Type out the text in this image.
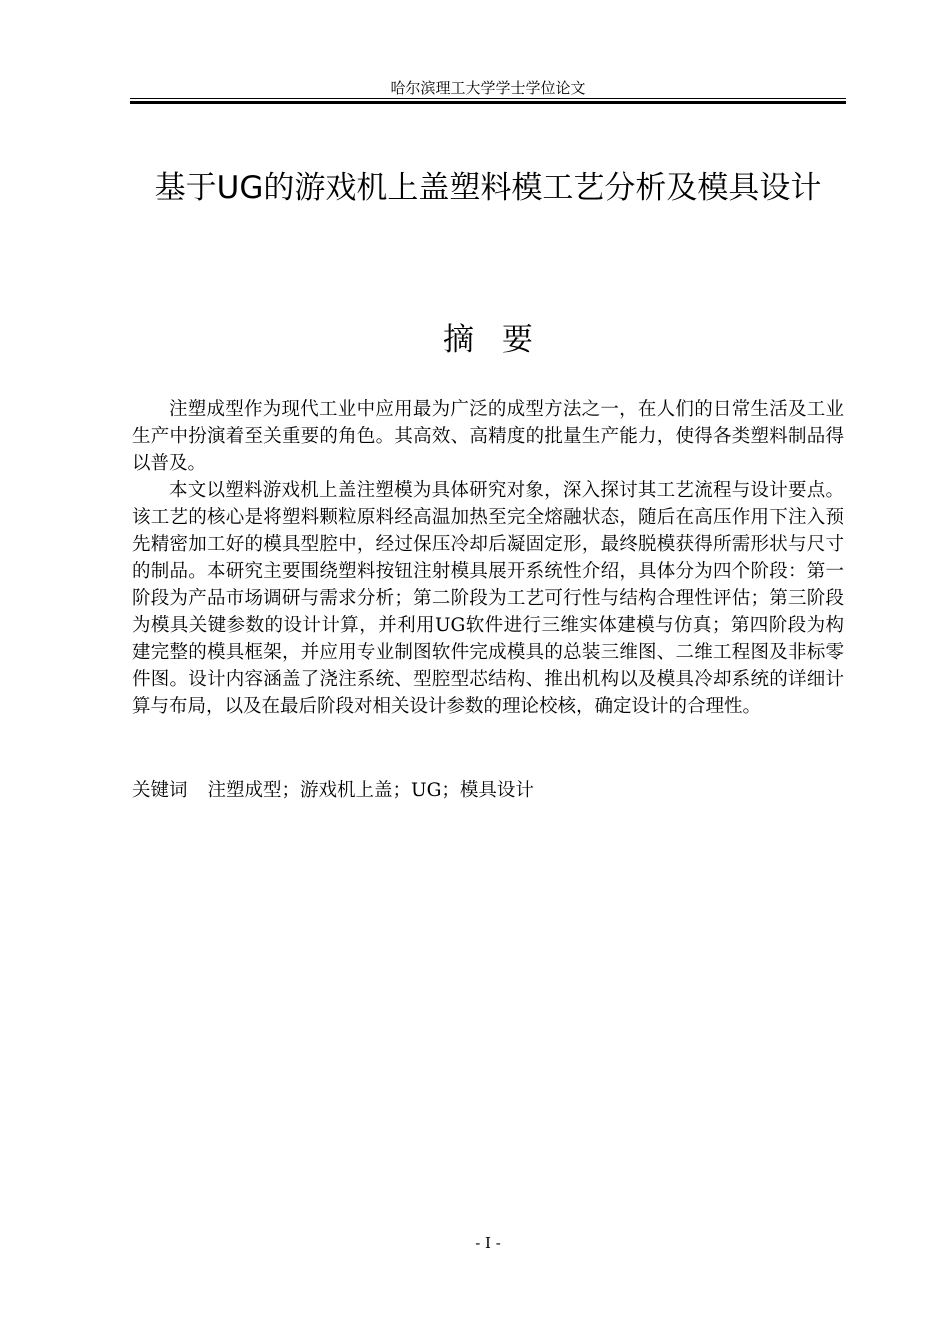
哈尔滨理工大学学士学位论文
基于UG的游戏机上盖塑料模工艺分析及模具设计
摘要

注塑成型作为现代工业中应用最为广泛的成型方法之一，在人们的日常生活及工业生产中扮演着至关重要的角色。其高效、高精度的批量生产能力，使得各类塑料制品得以普及。

本文以塑料游戏机上盖注塑模为具体研究对象，深入探讨其工艺流程与设计要点。该工艺的核心是将塑料颗粒原料经高温加热至完全熔融状态，随后在高压作用下注入预先精密加工好的模具型腔中，经过保压冷却后凝固定形，最终脱模获得所需形状与尺寸的制品。本研究主要围绕塑料按钮注射模具展开系统性介绍，具体分为四个阶段：第一阶段为产品市场调研与需求分析；第二阶段为工艺可行性与结构合理性评估；第三阶段为模具关键参数的设计计算，并利用UG软件进行三维实体建模与仿真；第四阶段为构建完整的模具框架，并应用专业制图软件完成模具的总装三维图、二维工程图及非标零件图。设计内容涵盖了浇注系统、型腔型芯结构、推出机构以及模具冷却系统的详细计算与布局，以及在最后阶段对相关设计参数的理论校核，确定设计的合理性。

关键词 注塑成型；游戏机上盖；UG；模具设计
- I -
